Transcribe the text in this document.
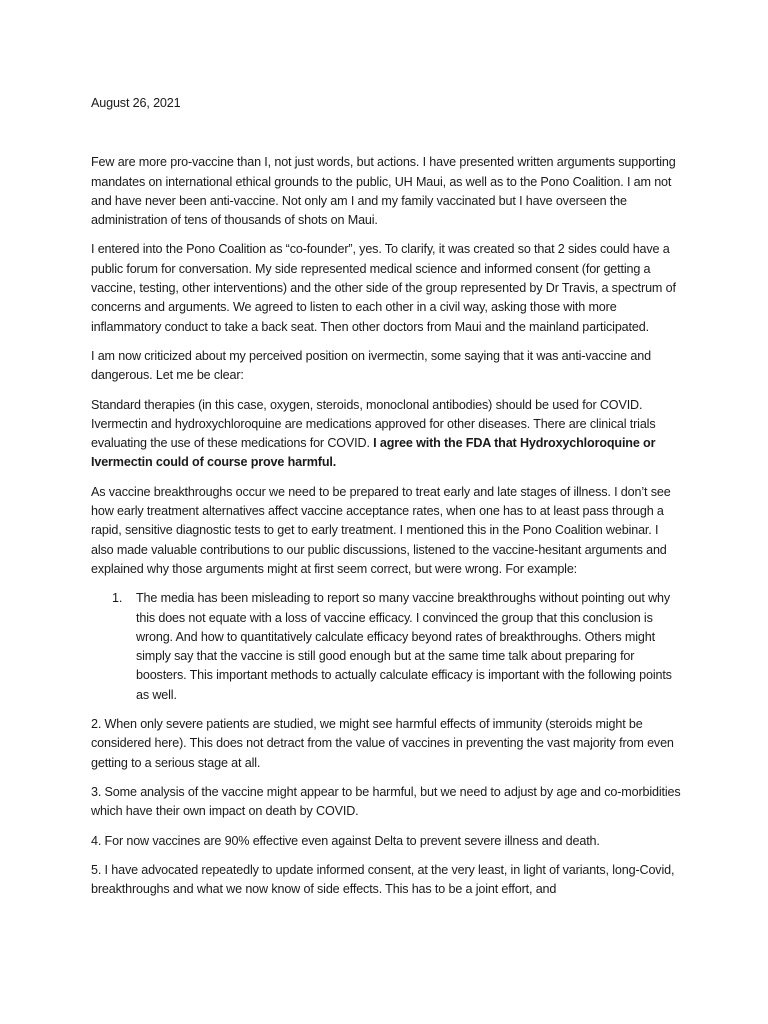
August 26, 2021

Few are more pro-vaccine than I, not just words, but actions. I have presented written arguments supporting mandates on international ethical grounds to the public, UH Maui, as well as to the Pono Coalition. I am not and have never been anti-vaccine. Not only am I and my family vaccinated but I have overseen the administration of tens of thousands of shots on Maui.

I entered into the Pono Coalition as “co-founder”, yes. To clarify, it was created so that 2 sides could have a public forum for conversation. My side represented medical science and informed consent (for getting a vaccine, testing, other interventions) and the other side of the group represented by Dr Travis, a spectrum of concerns and arguments. We agreed to listen to each other in a civil way, asking those with more inflammatory conduct to take a back seat. Then other doctors from Maui and the mainland participated.

I am now criticized about my perceived position on ivermectin, some saying that it was anti-vaccine and dangerous. Let me be clear:

Standard therapies (in this case, oxygen, steroids, monoclonal antibodies) should be used for COVID. Ivermectin and hydroxychloroquine are medications approved for other diseases. There are clinical trials evaluating the use of these medications for COVID. I agree with the FDA that Hydroxychloroquine or Ivermectin could of course prove harmful.

As vaccine breakthroughs occur we need to be prepared to treat early and late stages of illness. I don’t see how early treatment alternatives affect vaccine acceptance rates, when one has to at least pass through a rapid, sensitive diagnostic tests to get to early treatment. I mentioned this in the Pono Coalition webinar. I also made valuable contributions to our public discussions, listened to the vaccine-hesitant arguments and explained why those arguments might at first seem correct, but were wrong. For example:

1. The media has been misleading to report so many vaccine breakthroughs without pointing out why this does not equate with a loss of vaccine efficacy. I convinced the group that this conclusion is wrong. And how to quantitatively calculate efficacy beyond rates of breakthroughs. Others might simply say that the vaccine is still good enough but at the same time talk about preparing for boosters. This important methods to actually calculate efficacy is important with the following points as well.

2. When only severe patients are studied, we might see harmful effects of immunity (steroids might be considered here). This does not detract from the value of vaccines in preventing the vast majority from even getting to a serious stage at all.

3. Some analysis of the vaccine might appear to be harmful, but we need to adjust by age and co-morbidities which have their own impact on death by COVID.

4. For now vaccines are 90% effective even against Delta to prevent severe illness and death.

5. I have advocated repeatedly to update informed consent, at the very least, in light of variants, long-Covid, breakthroughs and what we now know of side effects. This has to be a joint effort, and
